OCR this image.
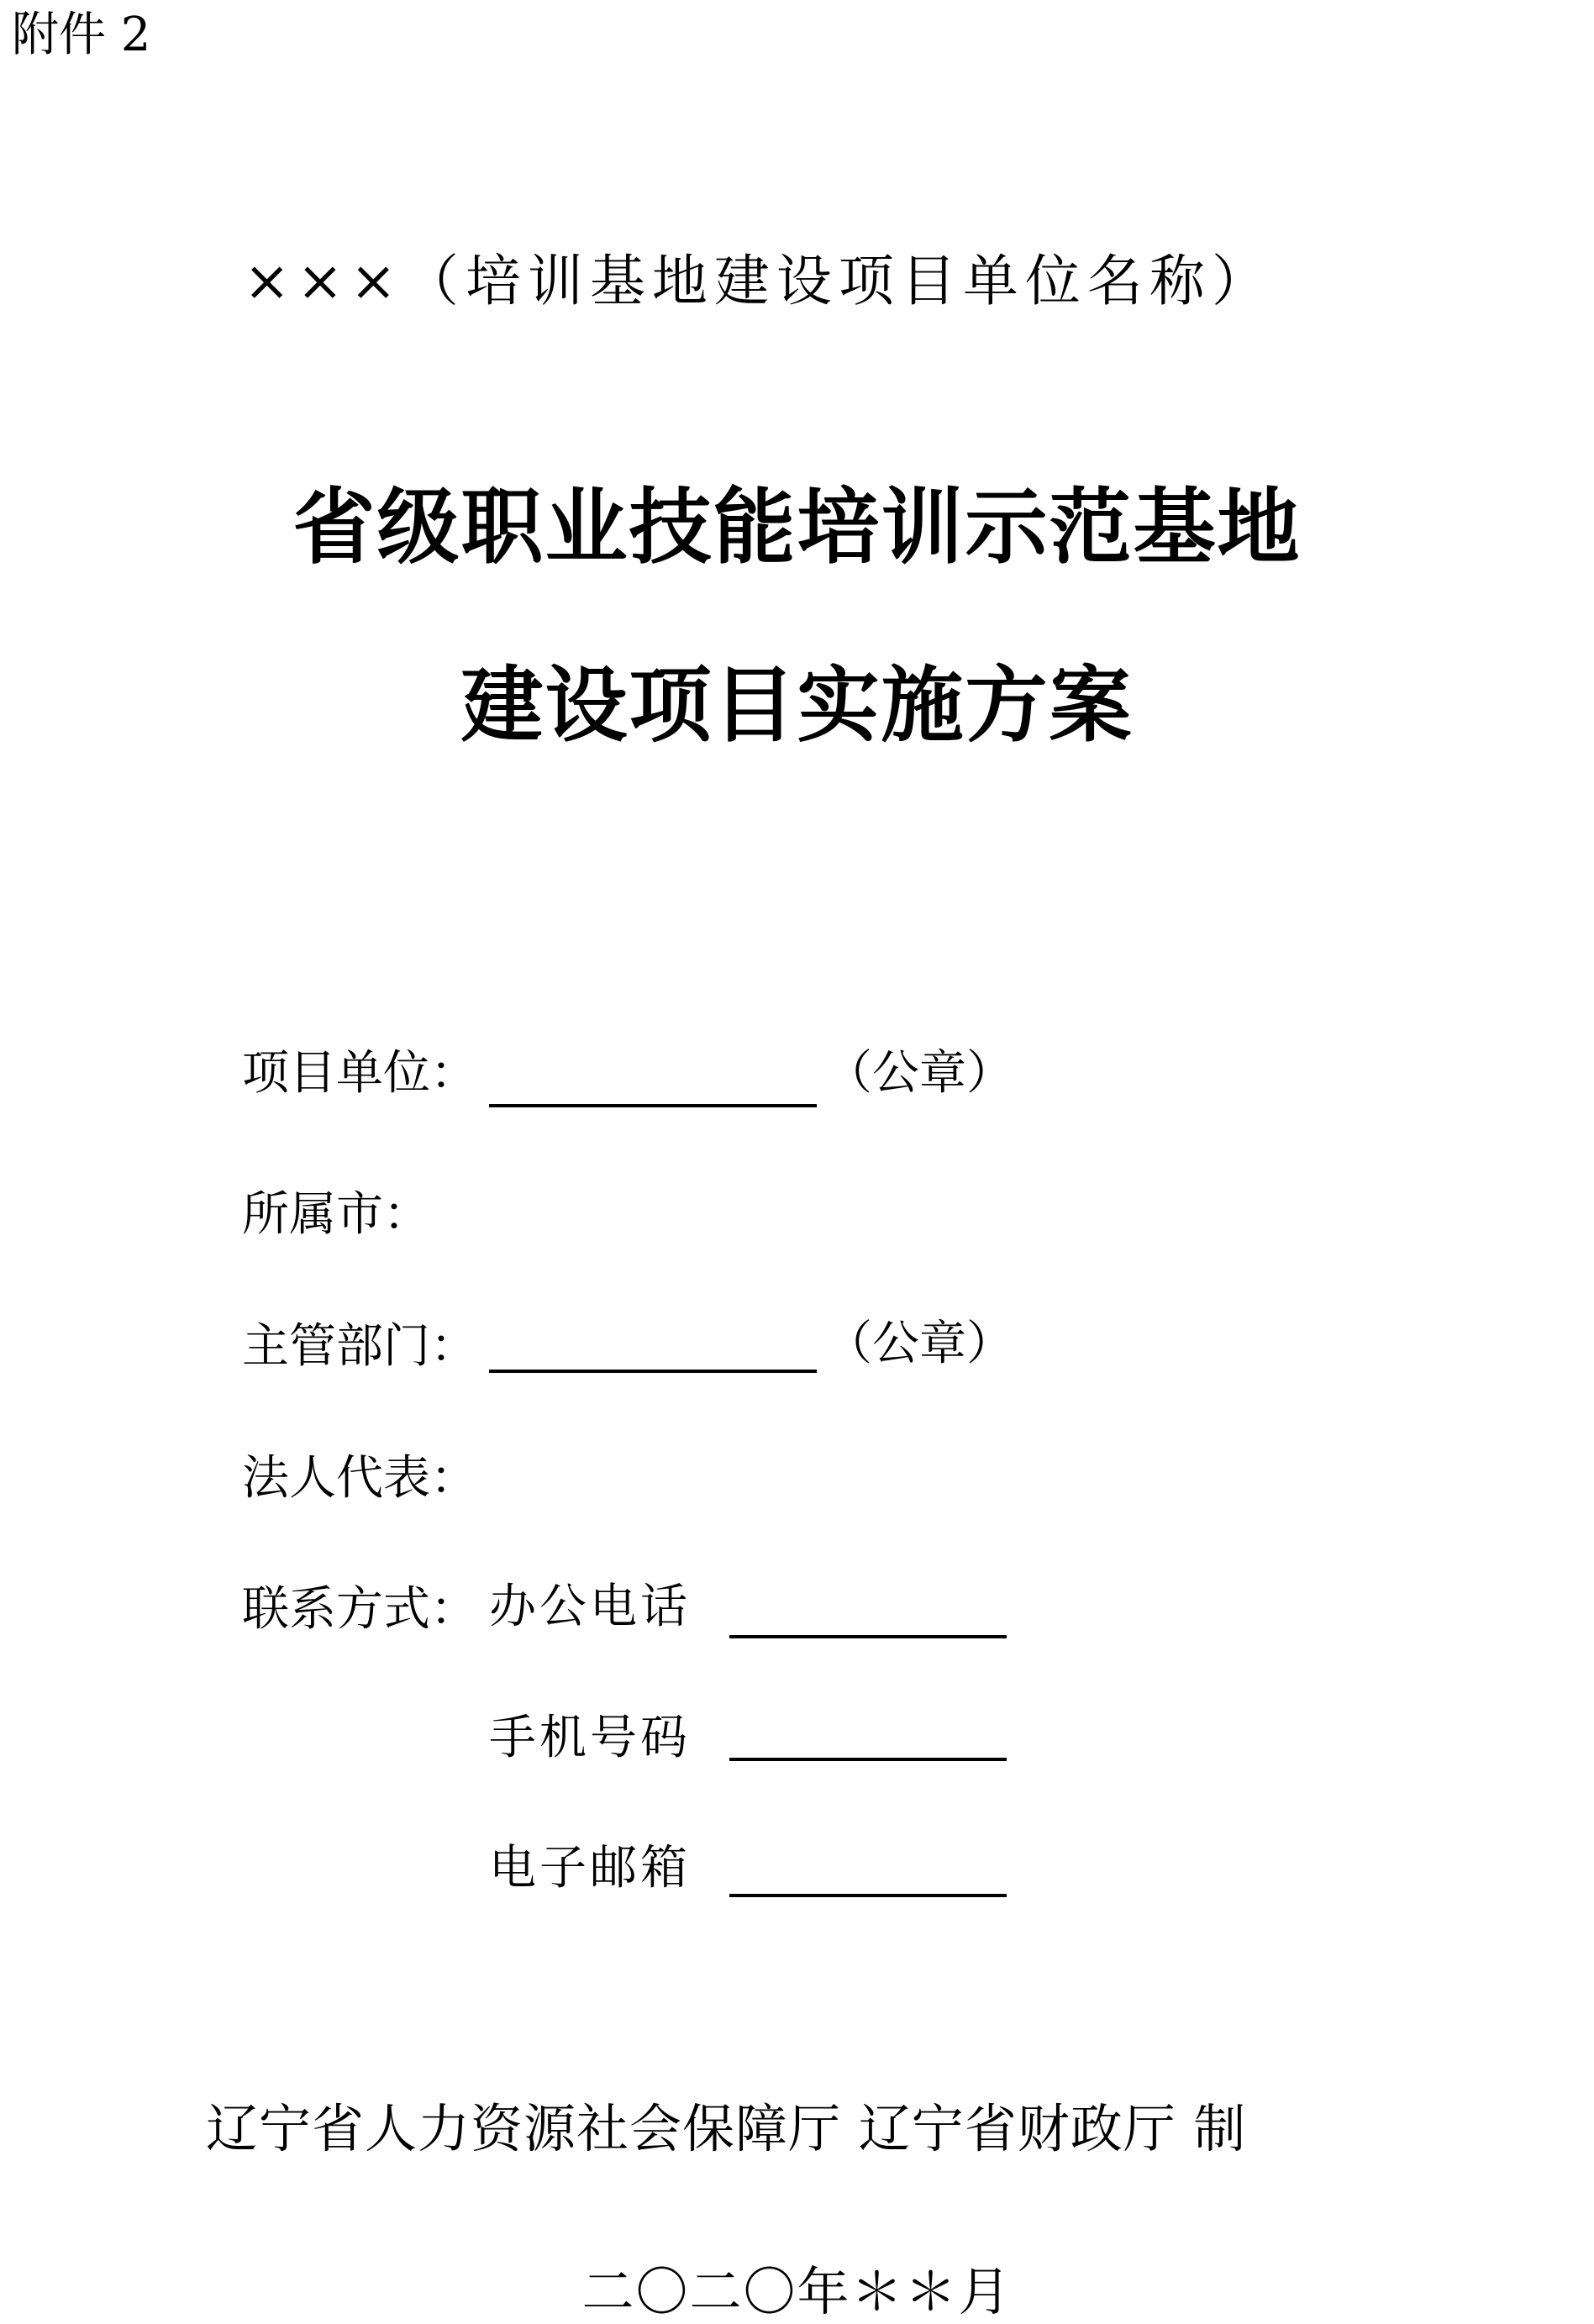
附件 2
×××（培训基地建设项目单位名称）
省级职业技能培训示范基地
建设项目实施方案
项目单位：	（公章）
所属市：
主管部门：	（公章）
法人代表：
联系方式： 办公电话
手机号码
电子邮箱
辽宁省人力资源社会保障厅 辽宁省财政厅 制
二〇二〇年＊＊月
